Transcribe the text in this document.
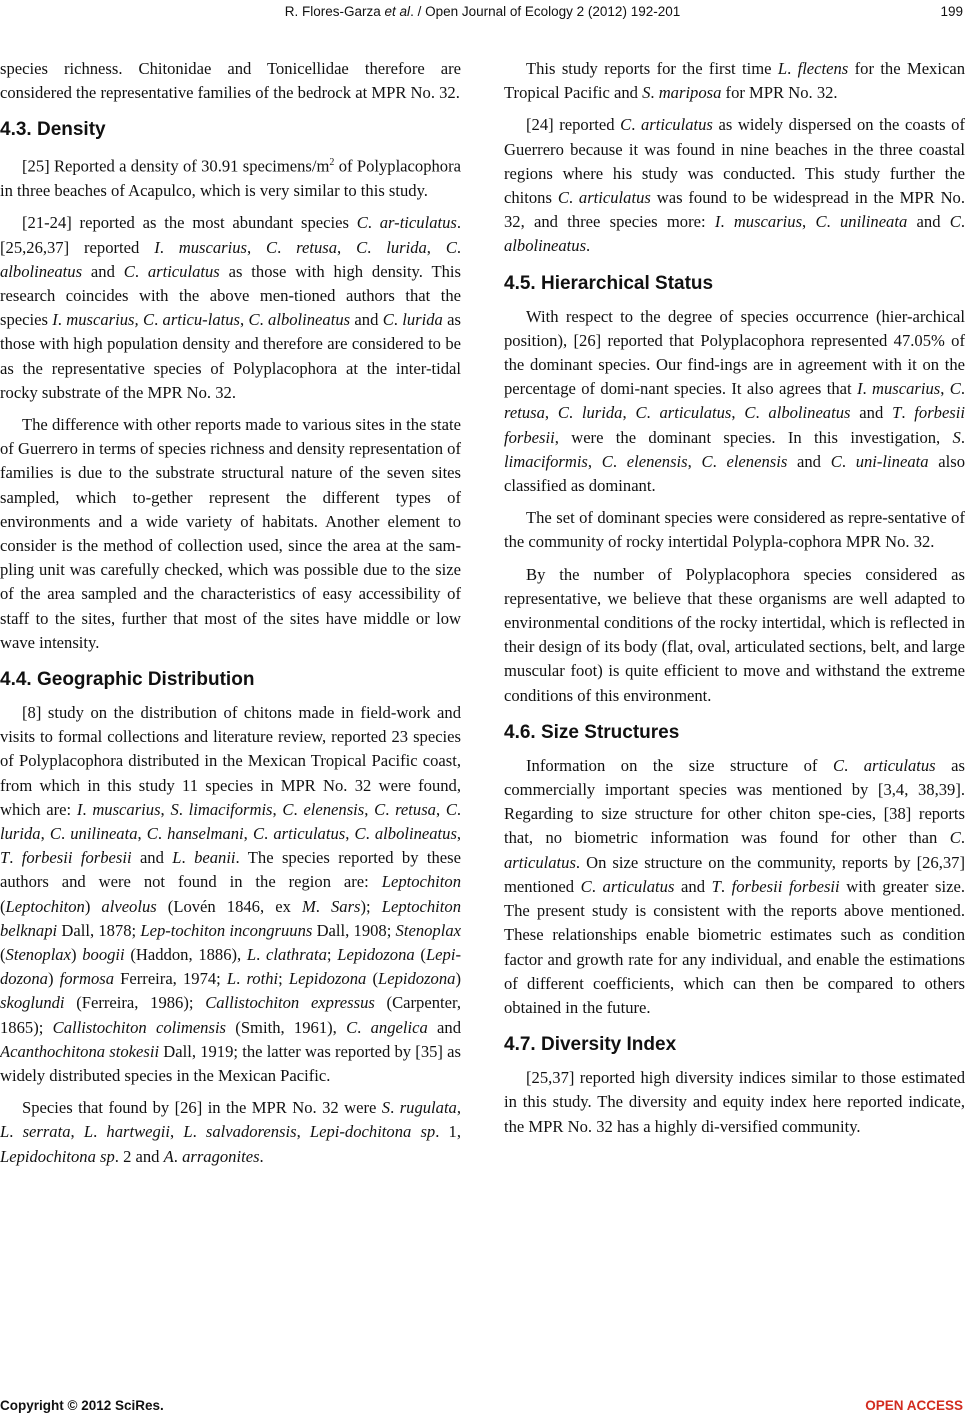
R. Flores-Garza et al. / Open Journal of Ecology 2 (2012) 192-201	199

species richness. Chitonidae and Tonicellidae therefore are considered the representative families of the bedrock at MPR No. 32.

4.3. Density

[25] Reported a density of 30.91 specimens/$m^2$ of Polyplacophora in three beaches of Acapulco, which is very similar to this study.

[21-24] reported as the most abundant species C. ar-ticulatus. [25,26,37] reported I. muscarius, C. retusa, C. lurida, C. albolineatus and C. articulatus as those with high density. This research coincides with the above men-tioned authors that the species I. muscarius, C. articu-latus, C. albolineatus and C. lurida as those with high population density and therefore are considered to be as the representative species of Polyplacophora at the inter-tidal rocky substrate of the MPR No. 32.

The difference with other reports made to various sites in the state of Guerrero in terms of species richness and density representation of families is due to the substrate structural nature of the seven sites sampled, which to-gether represent the different types of environments and a wide variety of habitats. Another element to consider is the method of collection used, since the area at the sam-pling unit was carefully checked, which was possible due to the size of the area sampled and the characteristics of easy accessibility of staff to the sites, further that most of the sites have middle or low wave intensity.

4.4. Geographic Distribution

[8] study on the distribution of chitons made in field-work and visits to formal collections and literature review, reported 23 species of Polyplacophora distributed in the Mexican Tropical Pacific coast, from which in this study 11 species in MPR No. 32 were found, which are: I. muscarius, S. limaciformis, C. elenensis, C. retusa, C. lurida, C. unilineata, C. hanselmani, C. articulatus, C. albolineatus, T. forbesii forbesii and L. beanii. The species reported by these authors and were not found in the region are: Leptochiton (Leptochiton) alveolus (Lovén 1846, ex M. Sars); Leptochiton belknapi Dall, 1878; Lep-tochiton incongruuns Dall, 1908; Stenoplax (Stenoplax) boogii (Haddon, 1886), L. clathrata; Lepidozona (Lepi-dozona) formosa Ferreira, 1974; L. rothi; Lepidozona (Lepidozona) skoglundi (Ferreira, 1986); Callistochiton expressus (Carpenter, 1865); Callistochiton colimensis (Smith, 1961), C. angelica and Acanthochitona stokesii Dall, 1919; the latter was reported by [35] as widely distributed species in the Mexican Pacific.

Species that found by [26] in the MPR No. 32 were S. rugulata, L. serrata, L. hartwegii, L. salvadorensis, Lepi-dochitona sp. 1, Lepidochitona sp. 2 and A. arragonites.

This study reports for the first time L. flectens for the Mexican Tropical Pacific and S. mariposa for MPR No. 32.

[24] reported C. articulatus as widely dispersed on the coasts of Guerrero because it was found in nine beaches in the three coastal regions where his study was conducted. This study further the chitons C. articulatus was found to be widespread in the MPR No. 32, and three species more: I. muscarius, C. unilineata and C. albolineatus.

4.5. Hierarchical Status

With respect to the degree of species occurrence (hier-archical position), [26] reported that Polyplacophora represented 47.05% of the dominant species. Our find-ings are in agreement with it on the percentage of domi-nant species. It also agrees that I. muscarius, C. retusa, C. lurida, C. articulatus, C. albolineatus and T. forbesii forbesii, were the dominant species. In this investigation, S. limaciformis, C. elenensis, C. elenensis and C. uni-lineata also classified as dominant.

The set of dominant species were considered as repre-sentative of the community of rocky intertidal Polypla-cophora MPR No. 32.

By the number of Polyplacophora species considered as representative, we believe that these organisms are well adapted to environmental conditions of the rocky intertidal, which is reflected in their design of its body (flat, oval, articulated sections, belt, and large muscular foot) is quite efficient to move and withstand the extreme conditions of this environment.

4.6. Size Structures

Information on the size structure of C. articulatus as commercially important species was mentioned by [3,4, 38,39]. Regarding to size structure for other chiton spe-cies, [38] reports that, no biometric information was found for other than C. articulatus. On size structure on the community, reports by [26,37] mentioned C. articulatus and T. forbesii forbesii with greater size. The present study is consistent with the reports above mentioned. These relationships enable biometric estimates such as condition factor and growth rate for any individual, and enable the estimations of different coefficients, which can then be compared to others obtained in the future.

4.7. Diversity Index

[25,37] reported high diversity indices similar to those estimated in this study. The diversity and equity index here reported indicate, the MPR No. 32 has a highly di-versified community.

Copyright © 2012 SciRes.	OPEN ACCESS
